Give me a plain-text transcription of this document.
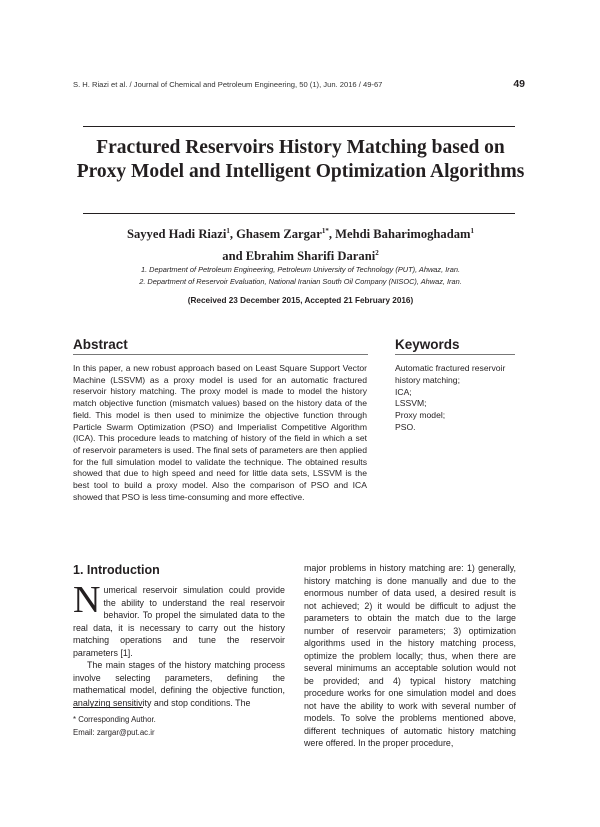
S. H. Riazi et al. / Journal of Chemical and Petroleum Engineering, 50 (1), Jun. 2016 / 49-67	49
Fractured Reservoirs History Matching based on Proxy Model and Intelligent Optimization Algorithms
Sayyed Hadi Riazi$^1$, Ghasem Zargar$^{1*}$, Mehdi Baharimoghadam$^1$
and Ebrahim Sharifi Darani$^2$
1. Department of Petroleum Engineering, Petroleum University of Technology (PUT), Ahwaz, Iran.
2. Department of Reservoir Evaluation, National Iranian South Oil Company (NISOC), Ahwaz, Iran.
(Received 23 December 2015, Accepted 21 February 2016)
Abstract	Keywords
In this paper, a new robust approach based on Least Square Support Vector Machine (LSSVM) as a proxy model is used for an automatic fractured reservoir history matching. The proxy model is made to model the history match objective function (mismatch values) based on the history data of the field. This model is then used to minimize the objective function through Particle Swarm Optimization (PSO) and Imperialist Competitive Algorithm (ICA). This procedure leads to matching of history of the field in which a set of reservoir parameters is used. The final sets of parameters are then applied for the full simulation model to validate the technique. The obtained results showed that due to high speed and need for little data sets, LSSVM is the best tool to build a proxy model. Also the comparison of PSO and ICA showed that PSO is less time-consuming and more effective.
Automatic fractured reservoir history matching;
ICA;
LSSVM;
Proxy model;
PSO.
1. Introduction

Numerical reservoir simulation could provide the ability to understand the real reservoir behavior. To propel the simulated data to the real data, it is necessary to carry out the history matching operations and tune the reservoir parameters [1].

The main stages of the history matching process involve selecting parameters, defining the mathematical model, defining the objective function, analyzing sensitivity and stop conditions. The

major problems in history matching are: 1) generally, history matching is done manually and due to the enormous number of data used, a desired result is not achieved; 2) it would be difficult to adjust the parameters to obtain the match due to the large number of reservoir parameters; 3) optimization algorithms used in the history matching process, optimize the problem locally; thus, when there are several minimums an acceptable solution would not be provided; and 4) typical history matching procedure works for one simulation model and does not have the ability to work with several number of models. To solve the problems mentioned above, different techniques of automatic history matching were offered. In the proper procedure,

* Corresponding Author.
Email: zargar@put.ac.ir
